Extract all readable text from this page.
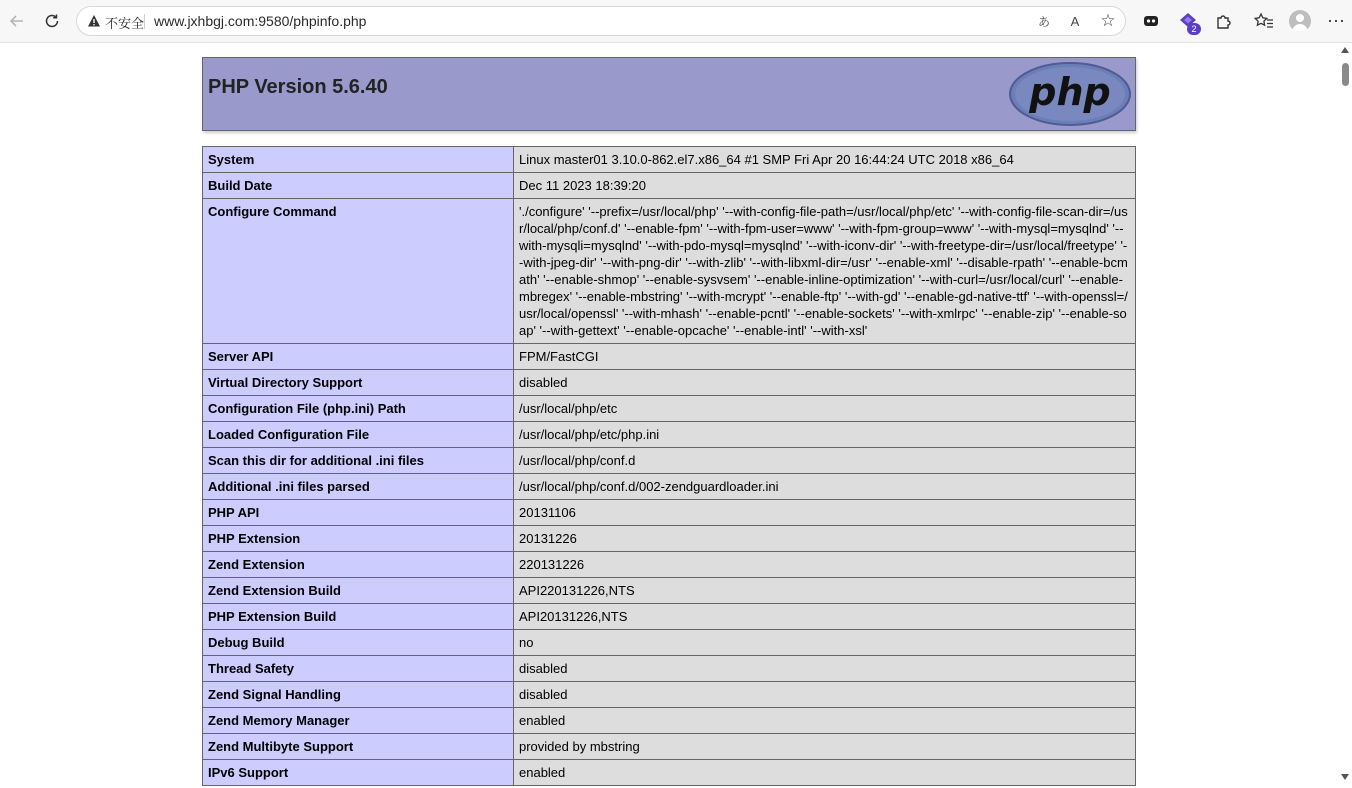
不安全 www.jxhbgj.com:9580/phpinfo.php	あ	A	☆	2	⋯
PHP Version 5.6.40	php
System	Linux master01 3.10.0-862.el7.x86_64 #1 SMP Fri Apr 20 16:44:24 UTC 2018 x86_64
Build Date	Dec 11 2023 18:39:20
Configure Command	'./configure' '--prefix=/usr/local/php' '--with-config-file-path=/usr/local/php/etc' '--with-config-file-scan-dir=/usr/local/php/conf.d' '--enable-fpm' '--with-fpm-user=www' '--with-fpm-group=www' '--with-mysql=mysqlnd' '--with-mysqli=mysqlnd' '--with-pdo-mysql=mysqlnd' '--with-iconv-dir' '--with-freetype-dir=/usr/local/freetype' '--with-jpeg-dir' '--with-png-dir' '--with-zlib' '--with-libxml-dir=/usr' '--enable-xml' '--disable-rpath' '--enable-bcmath' '--enable-shmop' '--enable-sysvsem' '--enable-inline-optimization' '--with-curl=/usr/local/curl' '--enable-mbregex' '--enable-mbstring' '--with-mcrypt' '--enable-ftp' '--with-gd' '--enable-gd-native-ttf' '--with-openssl=/usr/local/openssl' '--with-mhash' '--enable-pcntl' '--enable-sockets' '--with-xmlrpc' '--enable-zip' '--enable-soap' '--with-gettext' '--enable-opcache' '--enable-intl' '--with-xsl'
Server API	FPM/FastCGI
Virtual Directory Support	disabled
Configuration File (php.ini) Path	/usr/local/php/etc
Loaded Configuration File	/usr/local/php/etc/php.ini
Scan this dir for additional .ini files	/usr/local/php/conf.d
Additional .ini files parsed	/usr/local/php/conf.d/002-zendguardloader.ini
PHP API	20131106
PHP Extension	20131226
Zend Extension	220131226
Zend Extension Build	API220131226,NTS
PHP Extension Build	API20131226,NTS
Debug Build	no
Thread Safety	disabled
Zend Signal Handling	disabled
Zend Memory Manager	enabled
Zend Multibyte Support	provided by mbstring
IPv6 Support	enabled
